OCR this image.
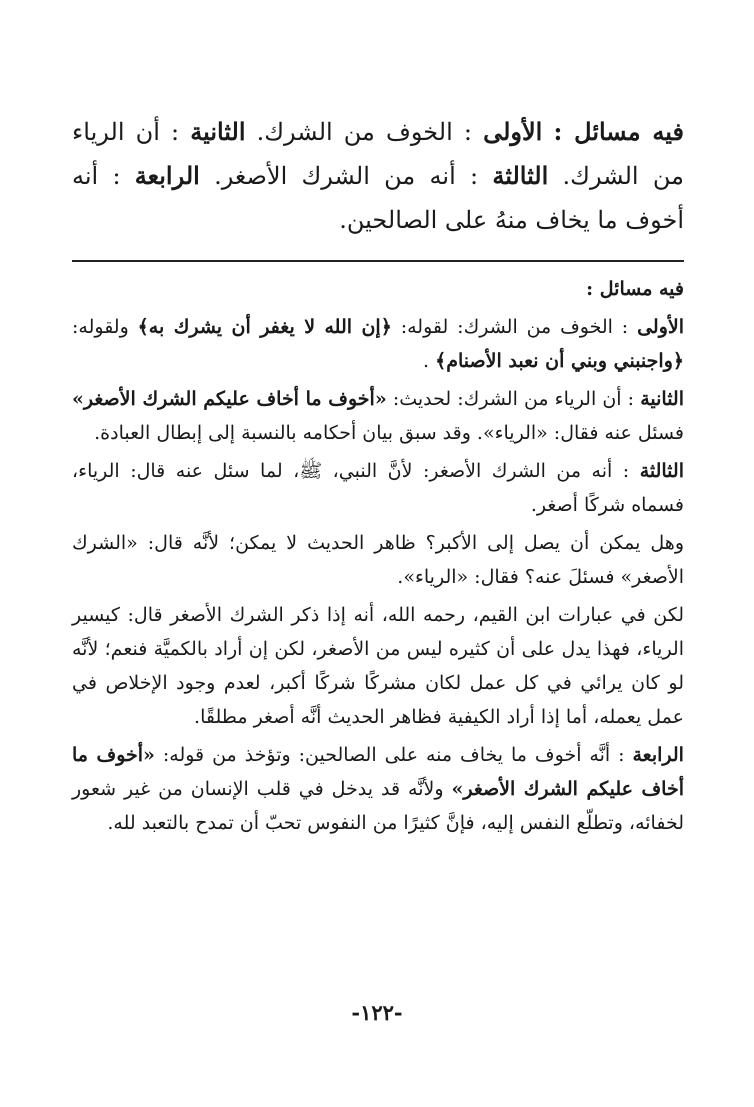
فيه مسائل : الأولى : الخوف من الشرك. الثانية : أن الرياء من الشرك. الثالثة : أنه من الشرك الأصغر. الرابعة : أنه أخوف ما يخاف منهُ على الصالحين.

فيه مسائل :

الأولى : الخوف من الشرك: لقوله: ﴿إن الله لا يغفر أن يشرك به﴾ ولقوله: ﴿واجنبني وبني أن نعبد الأصنام﴾ .

الثانية : أن الرياء من الشرك: لحديث: «أخوف ما أخاف عليكم الشرك الأصغر» فسئل عنه فقال: «الرياء». وقد سبق بيان أحكامه بالنسبة إلى إبطال العبادة.

الثالثة : أنه من الشرك الأصغر: لأنَّ النبي، ﷺ، لما سئل عنه قال: الرياء، فسماه شركًا أصغر.

وهل يمكن أن يصل إلى الأكبر؟ ظاهر الحديث لا يمكن؛ لأنَّه قال: «الشرك الأصغر» فسئلَ عنه؟ فقال: «الرياء».

لكن في عبارات ابن القيم، رحمه الله، أنه إذا ذكر الشرك الأصغر قال: كيسير الرياء، فهذا يدل على أن كثيره ليس من الأصغر، لكن إن أراد بالكميَّة فنعم؛ لأنَّه لو كان يرائي في كل عمل لكان مشركًا شركًا أكبر، لعدم وجود الإخلاص في عمل يعمله، أما إذا أراد الكيفية فظاهر الحديث أنَّه أصغر مطلقًا.

الرابعة : أنَّه أخوف ما يخاف منه على الصالحين: وتؤخذ من قوله: «أخوف ما أخاف عليكم الشرك الأصغر» ولأنَّه قد يدخل في قلب الإنسان من غير شعور لخفائه، وتطلّع النفس إليه، فإنَّ كثيرًا من النفوس تحبّ أن تمدح بالتعبد لله.

-١٢٢-
